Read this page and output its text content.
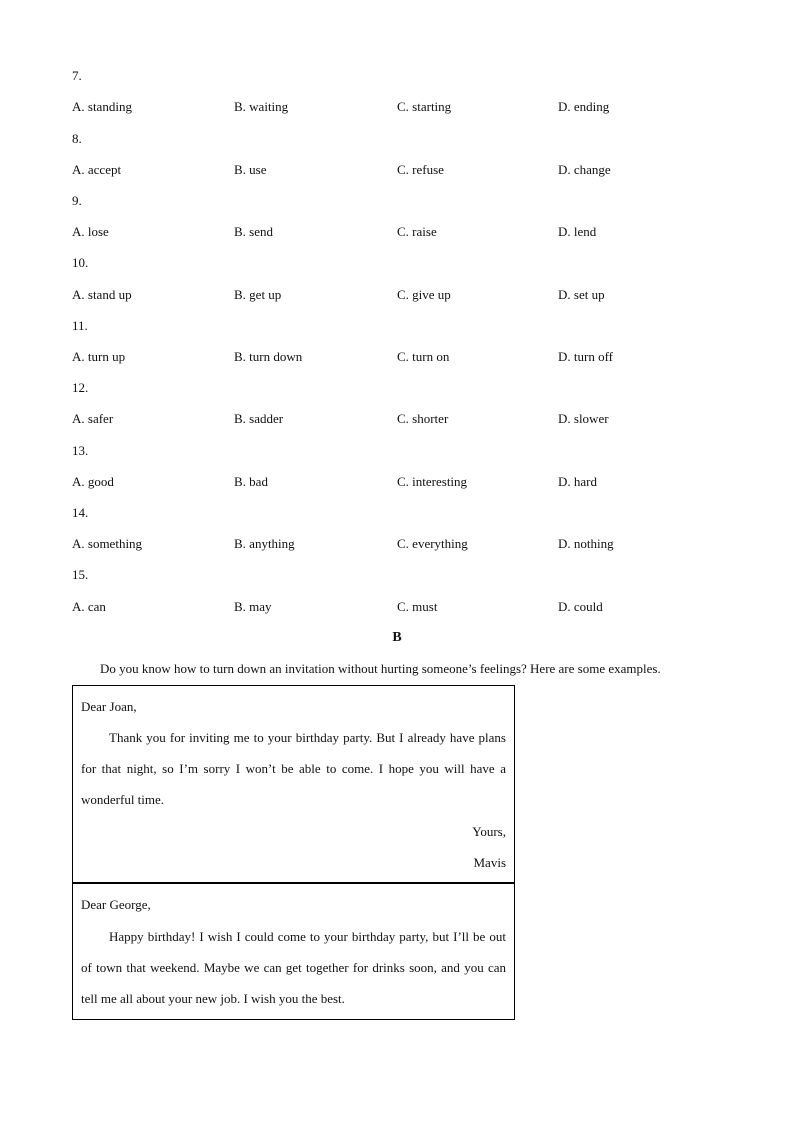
7.
A. standing	B. waiting	C. starting	D. ending
8.
A. accept	B. use	C. refuse	D. change
9.
A. lose	B. send	C. raise	D. lend
10.
A. stand up	B. get up	C. give up	D. set up
11.
A. turn up	B. turn down	C. turn on	D. turn off
12.
A. safer	B. sadder	C. shorter	D. slower
13.
A. good	B. bad	C. interesting	D. hard
14.
A. something	B. anything	C. everything	D. nothing
15.
A. can	B. may	C. must	D. could
B
Do you know how to turn down an invitation without hurting someone’s feelings? Here are some examples.
Dear Joan,
Thank you for inviting me to your birthday party. But I already have plans for that night, so I’m sorry I won’t be able to come. I hope you will have a wonderful time.
Yours,
Mavis
Dear George,
Happy birthday! I wish I could come to your birthday party, but I’ll be out of town that weekend. Maybe we can get together for drinks soon, and you can tell me all about your new job. I wish you the best.
